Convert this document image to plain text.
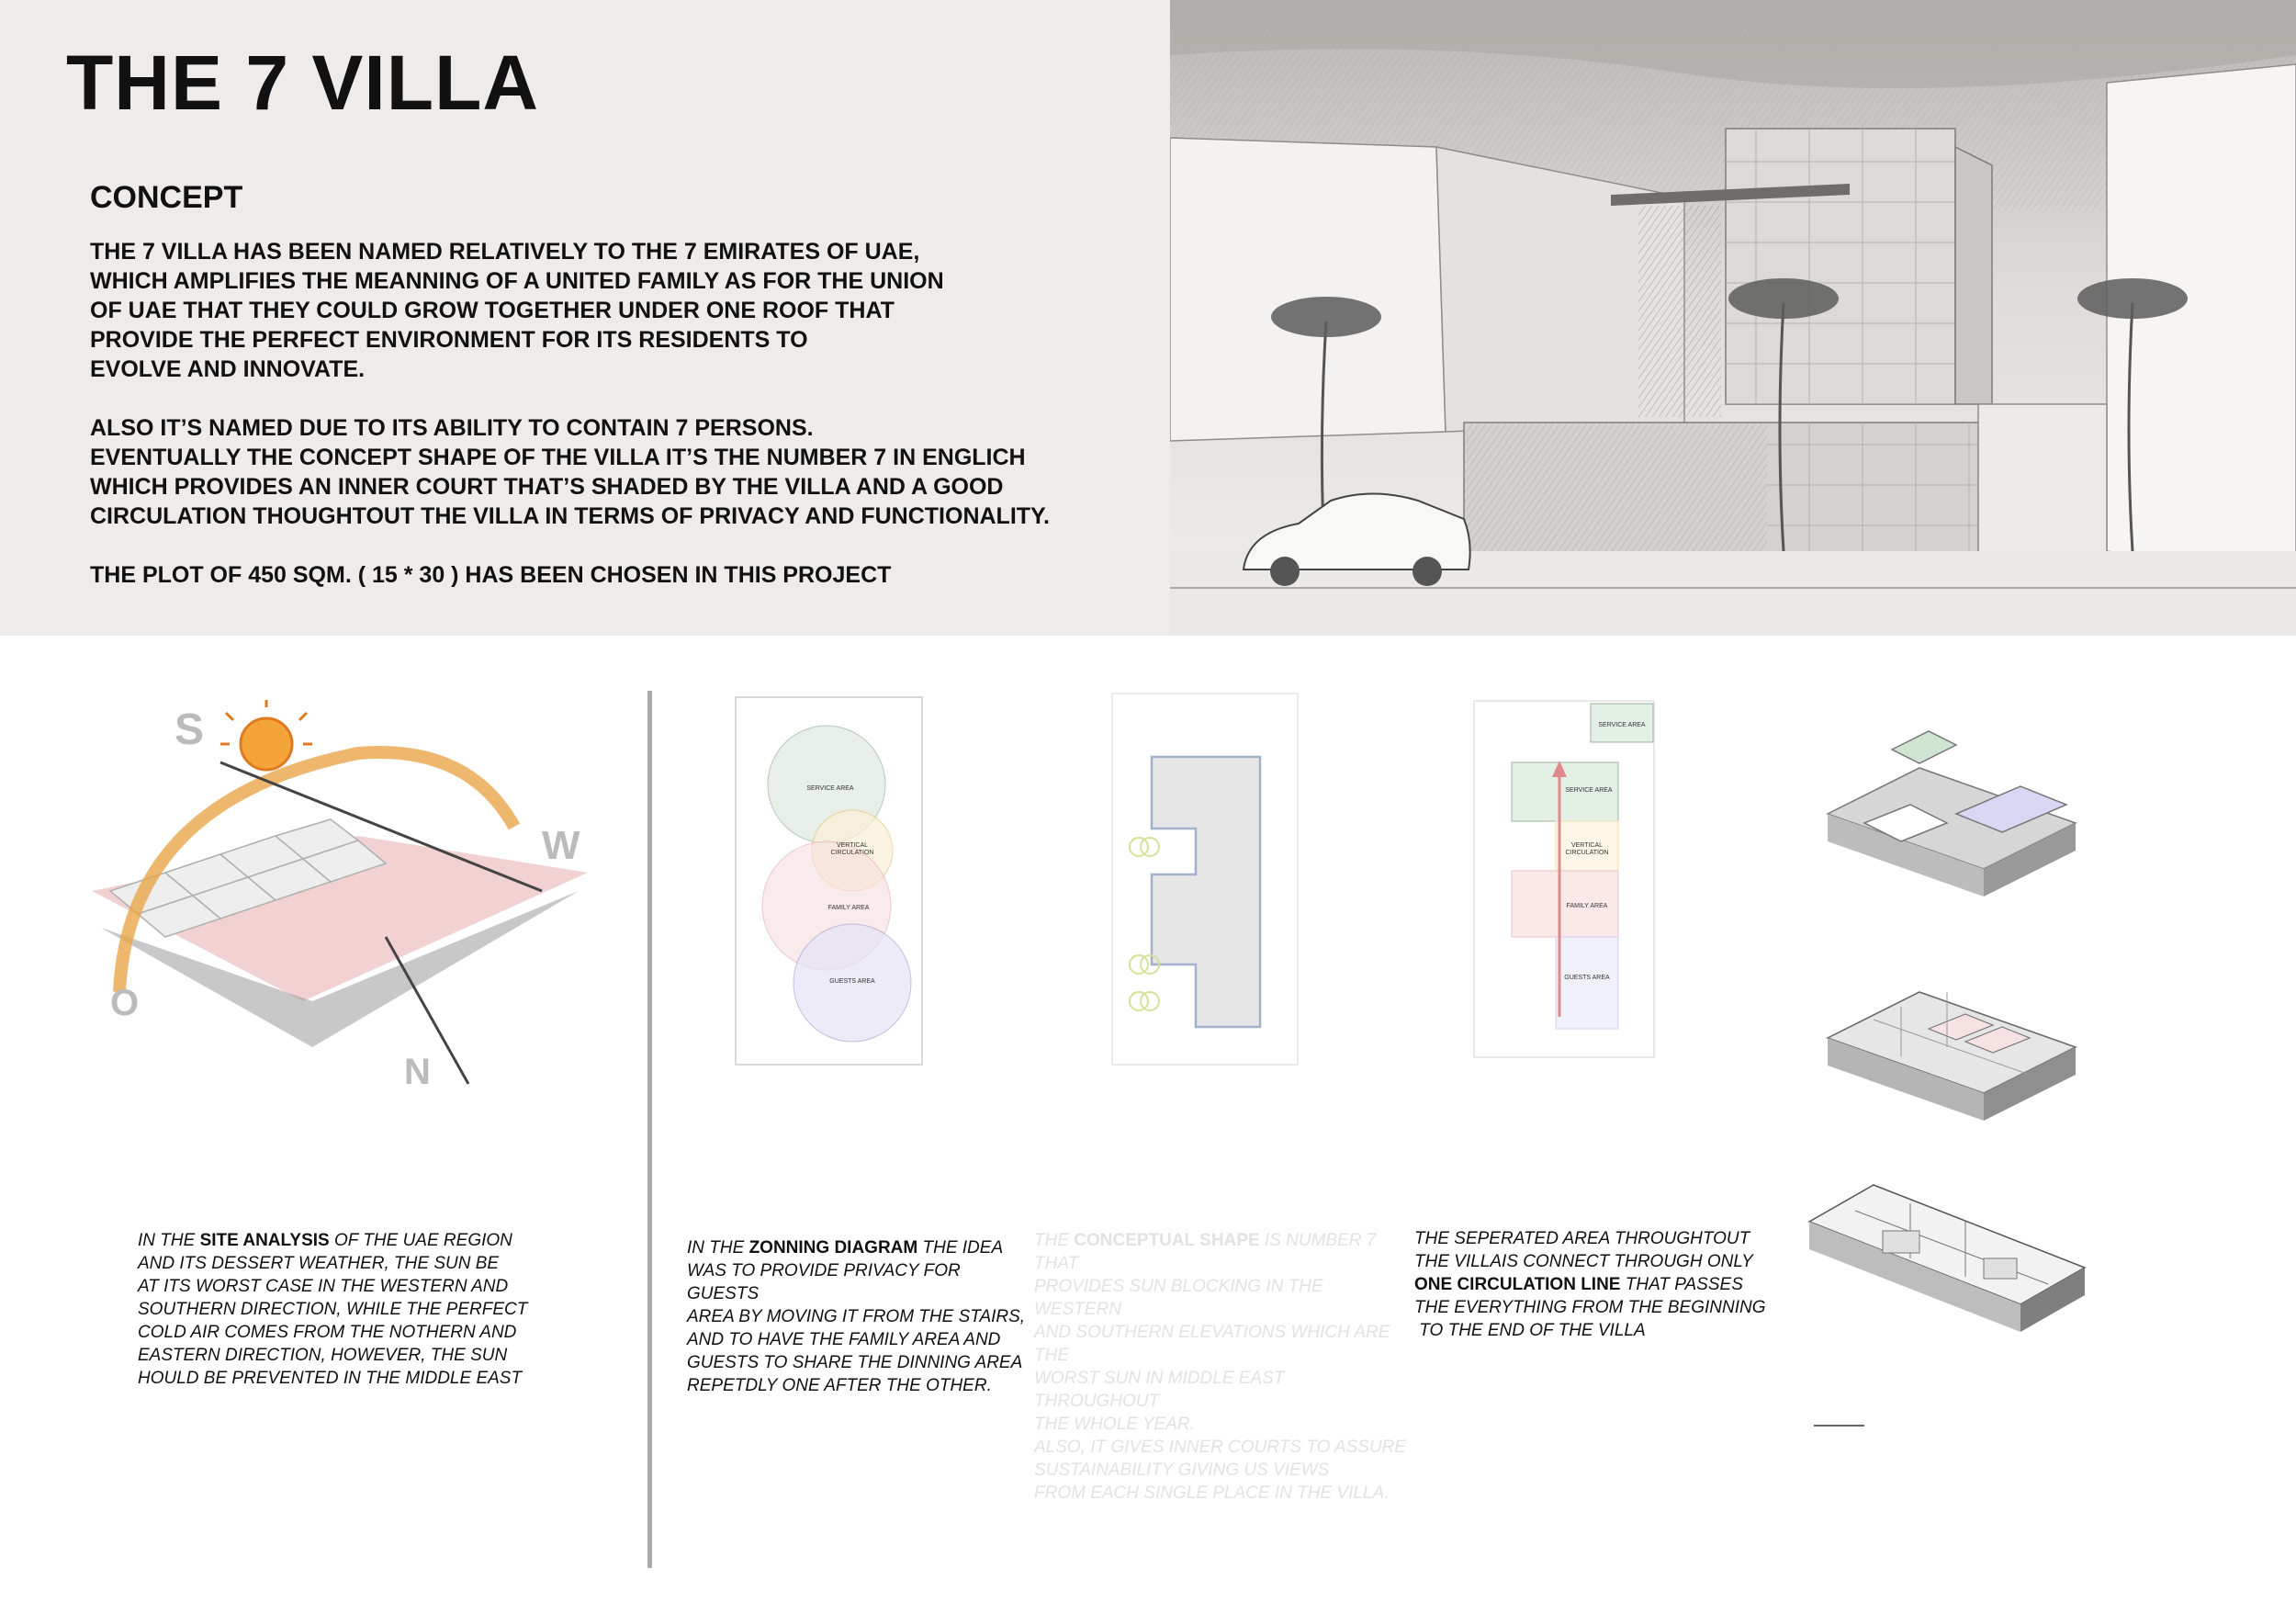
THE 7 VILLA
CONCEPT

THE 7 VILLA HAS BEEN NAMED RELATIVELY TO THE 7 EMIRATES OF UAE,
WHICH AMPLIFIES THE MEANNING OF A UNITED FAMILY AS FOR THE UNION
OF UAE THAT THEY COULD GROW TOGETHER UNDER ONE ROOF THAT
PROVIDE THE PERFECT ENVIRONMENT FOR ITS RESIDENTS TO
EVOLVE AND INNOVATE.

ALSO IT’S NAMED DUE TO ITS ABILITY TO CONTAIN 7 PERSONS.
EVENTUALLY THE CONCEPT SHAPE OF THE VILLA IT’S THE NUMBER 7 IN ENGLICH
WHICH PROVIDES AN INNER COURT THAT’S SHADED BY THE VILLA AND A GOOD
CIRCULATION THOUGHTOUT THE VILLA IN TERMS OF PRIVACY AND FUNCTIONALITY.

THE PLOT OF 450 SQM. ( 15 * 30 ) HAS BEEN CHOSEN IN THIS PROJECT

S
W
O
N
IN THE SITE ANALYSIS OF THE UAE REGION
AND ITS DESSERT WEATHER, THE SUN BE
AT ITS WORST CASE IN THE WESTERN AND
SOUTHERN DIRECTION, WHILE THE PERFECT
COLD AIR COMES FROM THE NOTHERN AND
EASTERN DIRECTION, HOWEVER, THE SUN
HOULD BE PREVENTED IN THE MIDDLE EAST
SERVICE AREA
VERTICAL
CIRCULATION
FAMILY AREA
GUESTS AREA
IN THE ZONNING DIAGRAM THE IDEA
WAS TO PROVIDE PRIVACY FOR GUESTS
AREA BY MOVING IT FROM THE STAIRS,
AND TO HAVE THE FAMILY AREA AND
GUESTS TO SHARE THE DINNING AREA
REPETDLY ONE AFTER THE OTHER.
THE CONCEPTUAL SHAPE IS NUMBER 7 THAT
PROVIDES SUN BLOCKING IN THE WESTERN
AND SOUTHERN ELEVATIONS WHICH ARE THE
WORST SUN IN MIDDLE EAST THROUGHOUT
THE WHOLE YEAR.
ALSO, IT GIVES INNER COURTS TO ASSURE
SUSTAINABILITY GIVING US VIEWS
FROM EACH SINGLE PLACE IN THE VILLA.
SERVICE AREA
SERVICE AREA
VERTICAL
CIRCULATION
FAMILY AREA
GUESTS AREA
THE SEPERATED AREA THROUGHTOUT
THE VILLAIS CONNECT THROUGH ONLY
ONE CIRCULATION LINE THAT PASSES
THE EVERYTHING FROM THE BEGINNING
TO THE END OF THE VILLA
